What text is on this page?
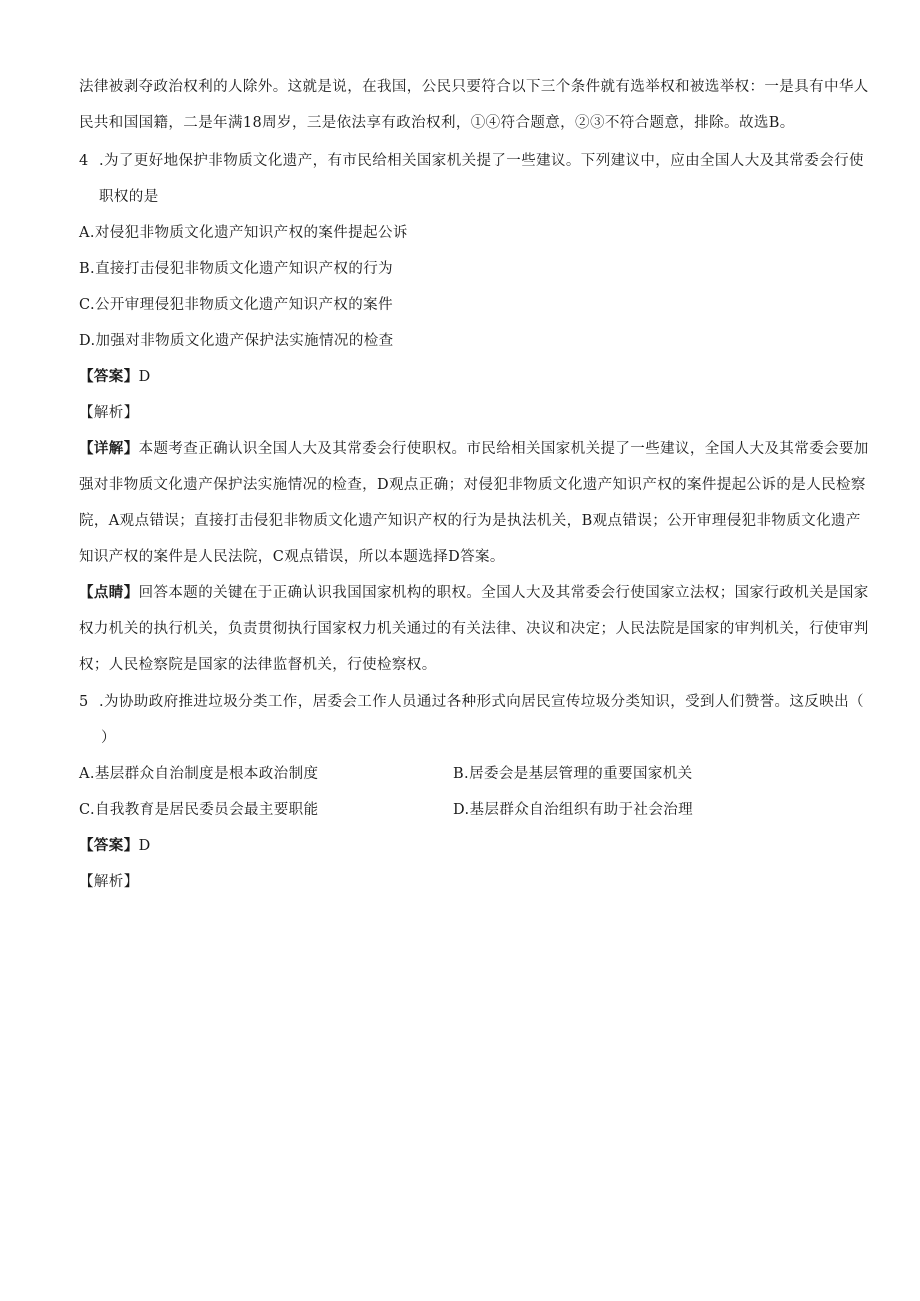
法律被剥夺政治权利的人除外。这就是说，在我国，公民只要符合以下三个条件就有选举权和被选举权：一是具有中华人民共和国国籍，二是年满18周岁，三是依法享有政治权利，①④符合题意，②③不符合题意，排除。故选B。

4 .为了更好地保护非物质文化遗产，有市民给相关国家机关提了一些建议。下列建议中，应由全国人大及其常委会行使职权的是
A.对侵犯非物质文化遗产知识产权的案件提起公诉
B.直接打击侵犯非物质文化遗产知识产权的行为
C.公开审理侵犯非物质文化遗产知识产权的案件
D.加强对非物质文化遗产保护法实施情况的检查
【答案】D
【解析】

【详解】本题考查正确认识全国人大及其常委会行使职权。市民给相关国家机关提了一些建议，全国人大及其常委会要加强对非物质文化遗产保护法实施情况的检查，D观点正确；对侵犯非物质文化遗产知识产权的案件提起公诉的是人民检察院，A观点错误；直接打击侵犯非物质文化遗产知识产权的行为是执法机关，B观点错误；公开审理侵犯非物质文化遗产知识产权的案件是人民法院，C观点错误，所以本题选择D答案。

【点睛】回答本题的关键在于正确认识我国国家机构的职权。全国人大及其常委会行使国家立法权；国家行政机关是国家权力机关的执行机关，负责贯彻执行国家权力机关通过的有关法律、决议和决定；人民法院是国家的审判机关，行使审判权；人民检察院是国家的法律监督机关，行使检察权。

5 .为协助政府推进垃圾分类工作，居委会工作人员通过各种形式向居民宣传垃圾分类知识，受到人们赞誉。这反映出（
）
A.基层群众自治制度是根本政治制度	B.居委会是基层管理的重要国家机关
C.自我教育是居民委员会最主要职能	D.基层群众自治组织有助于社会治理
【答案】D
【解析】
